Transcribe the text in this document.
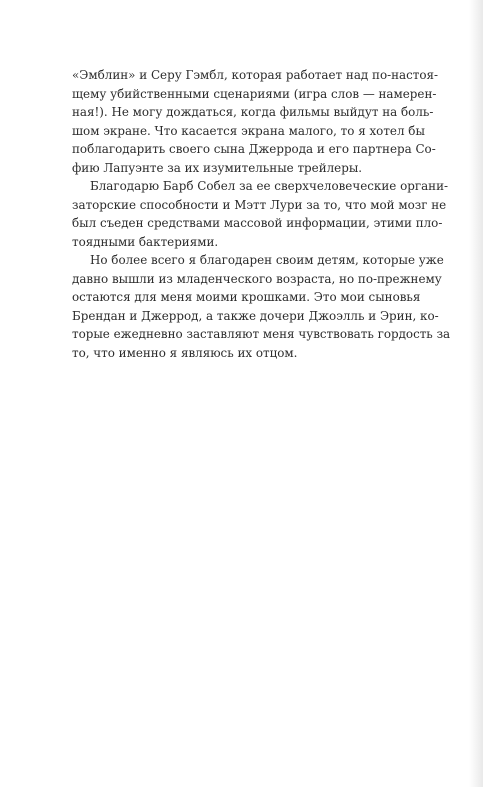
«Эмблин» и Серу Гэмбл, которая работает над по-настоя-
щему убийственными сценариями (игра слов — намерен-
ная!). Не могу дождаться, когда фильмы выйдут на боль-
шом экране. Что касается экрана малого, то я хотел бы
поблагодарить своего сына Джеррода и его партнера Со-
фию Лапуэнте за их изумительные трейлеры.
Благодарю Барб Собел за ее сверхчеловеческие органи-
заторские способности и Мэтт Лури за то, что мой мозг не
был съеден средствами массовой информации, этими пло-
тоядными бактериями.
Но более всего я благодарен своим детям, которые уже
давно вышли из младенческого возраста, но по-прежнему
остаются для меня моими крошками. Это мои сыновья
Брендан и Джеррод, а также дочери Джоэлль и Эрин, ко-
торые ежедневно заставляют меня чувствовать гордость за
то, что именно я являюсь их отцом.
